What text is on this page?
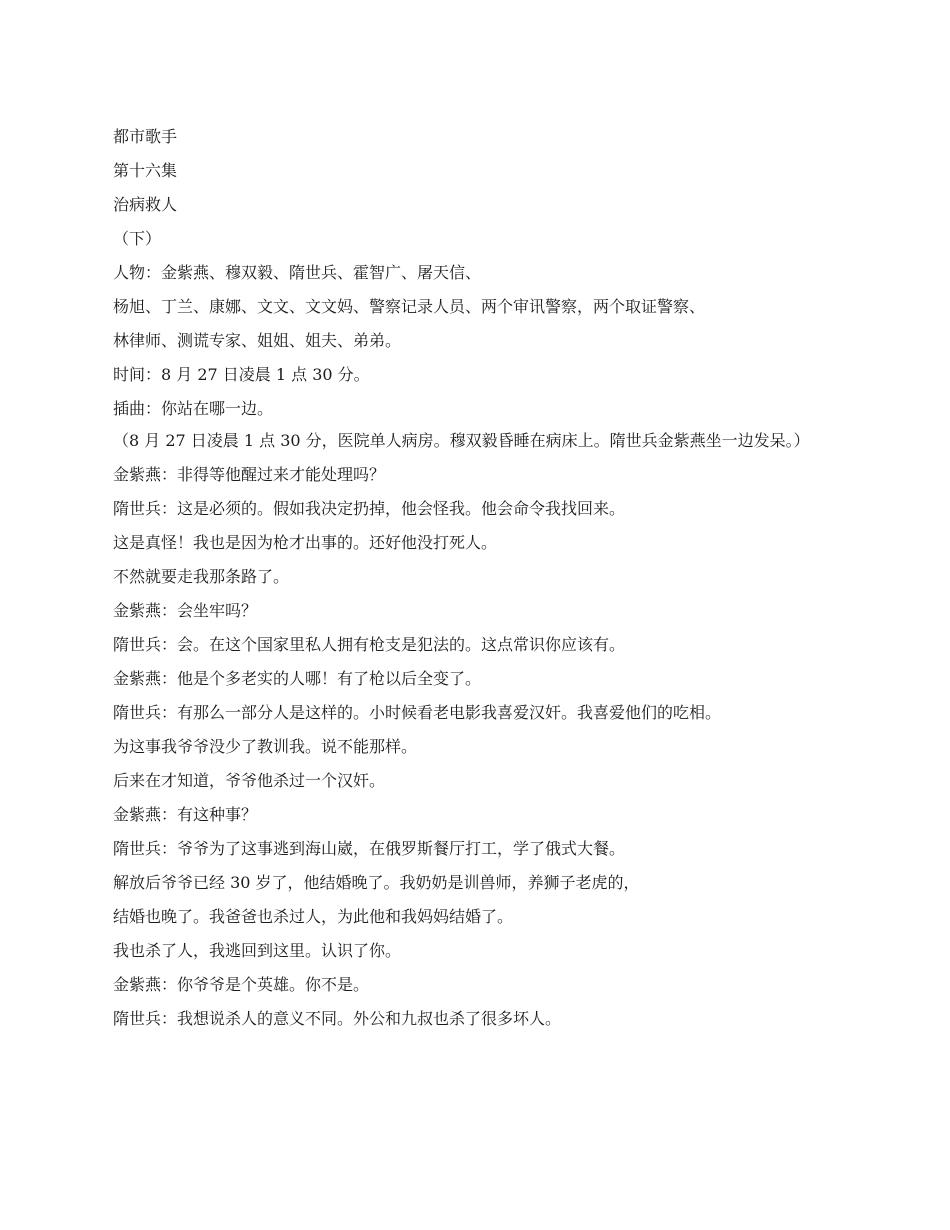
都市歌手
第十六集
治病救人
（下）
人物：金紫燕、穆双毅、隋世兵、霍智广、屠天信、
杨旭、丁兰、康娜、文文、文文妈、警察记录人员、两个审讯警察，两个取证警察、
林律师、测谎专家、姐姐、姐夫、弟弟。
时间：8 月 27 日凌晨 1 点 30 分。
插曲：你站在哪一边。
（8 月 27 日凌晨 1 点 30 分，医院单人病房。穆双毅昏睡在病床上。隋世兵金紫燕坐一边发呆。）
金紫燕：非得等他醒过来才能处理吗？
隋世兵：这是必须的。假如我决定扔掉，他会怪我。他会命令我找回来。
这是真怪！我也是因为枪才出事的。还好他没打死人。
不然就要走我那条路了。
金紫燕：会坐牢吗？
隋世兵：会。在这个国家里私人拥有枪支是犯法的。这点常识你应该有。
金紫燕：他是个多老实的人哪！有了枪以后全变了。
隋世兵：有那么一部分人是这样的。小时候看老电影我喜爱汉奸。我喜爱他们的吃相。
为这事我爷爷没少了教训我。说不能那样。
后来在才知道，爷爷他杀过一个汉奸。
金紫燕：有这种事？
隋世兵：爷爷为了这事逃到海山崴，在俄罗斯餐厅打工，学了俄式大餐。
解放后爷爷已经 30 岁了，他结婚晚了。我奶奶是训兽师，养狮子老虎的，
结婚也晚了。我爸爸也杀过人，为此他和我妈妈结婚了。
我也杀了人，我逃回到这里。认识了你。
金紫燕：你爷爷是个英雄。你不是。
隋世兵：我想说杀人的意义不同。外公和九叔也杀了很多坏人。
